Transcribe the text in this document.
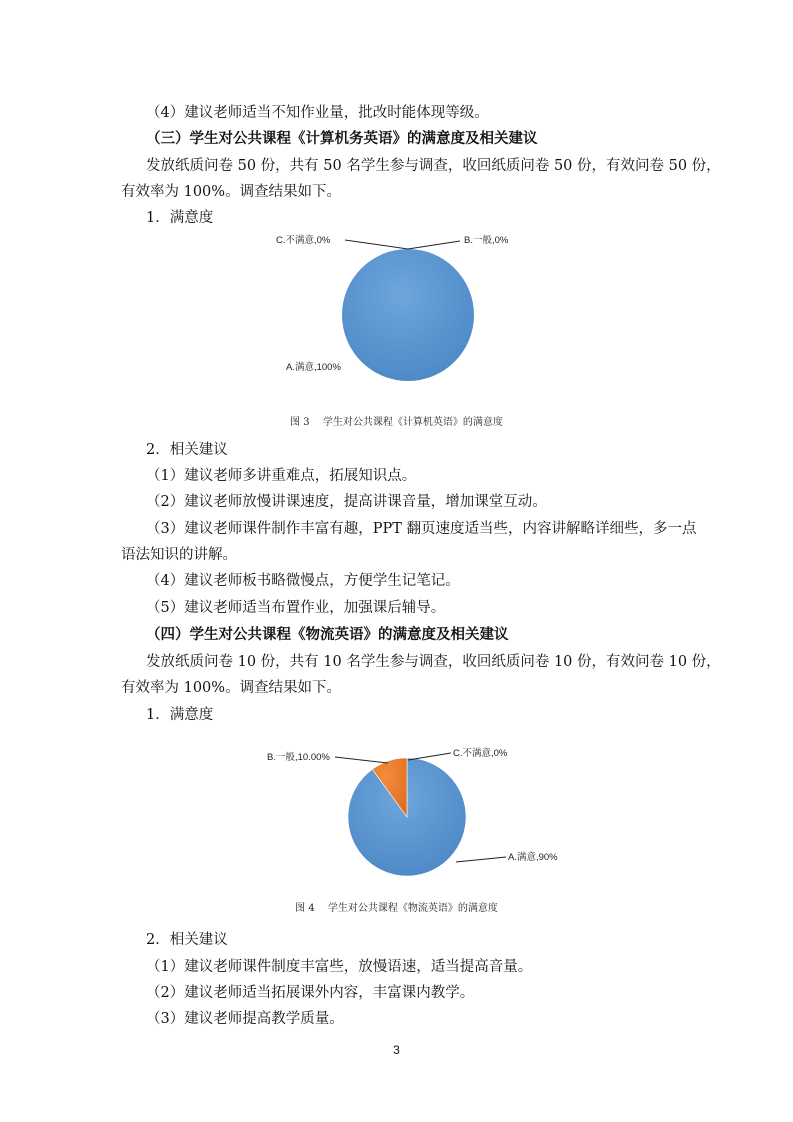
（4）建议老师适当不知作业量，批改时能体现等级。
（三）学生对公共课程《计算机务英语》的满意度及相关建议
发放纸质问卷 50 份，共有 50 名学生参与调查，收回纸质问卷 50 份，有效问卷 50 份，
有效率为 100%。调查结果如下。
1．满意度
C.不满意,0%	B.一般,0%
A.满意,100%
图 3　 学生对公共课程《计算机英语》的满意度
2．相关建议
（1）建议老师多讲重难点，拓展知识点。
（2）建议老师放慢讲课速度，提高讲课音量，增加课堂互动。
（3）建议老师课件制作丰富有趣，PPT 翻页速度适当些，内容讲解略详细些，多一点
语法知识的讲解。
（4）建议老师板书略微慢点，方便学生记笔记。
（5）建议老师适当布置作业，加强课后辅导。
（四）学生对公共课程《物流英语》的满意度及相关建议
发放纸质问卷 10 份，共有 10 名学生参与调查，收回纸质问卷 10 份，有效问卷 10 份，
有效率为 100%。调查结果如下。
1．满意度
B.一般,10.00%	C.不满意,0%
A.满意,90%
图 4　 学生对公共课程《物流英语》的满意度
2．相关建议
（1）建议老师课件制度丰富些，放慢语速，适当提高音量。
（2）建议老师适当拓展课外内容，丰富课内教学。
（3）建议老师提高教学质量。
3
